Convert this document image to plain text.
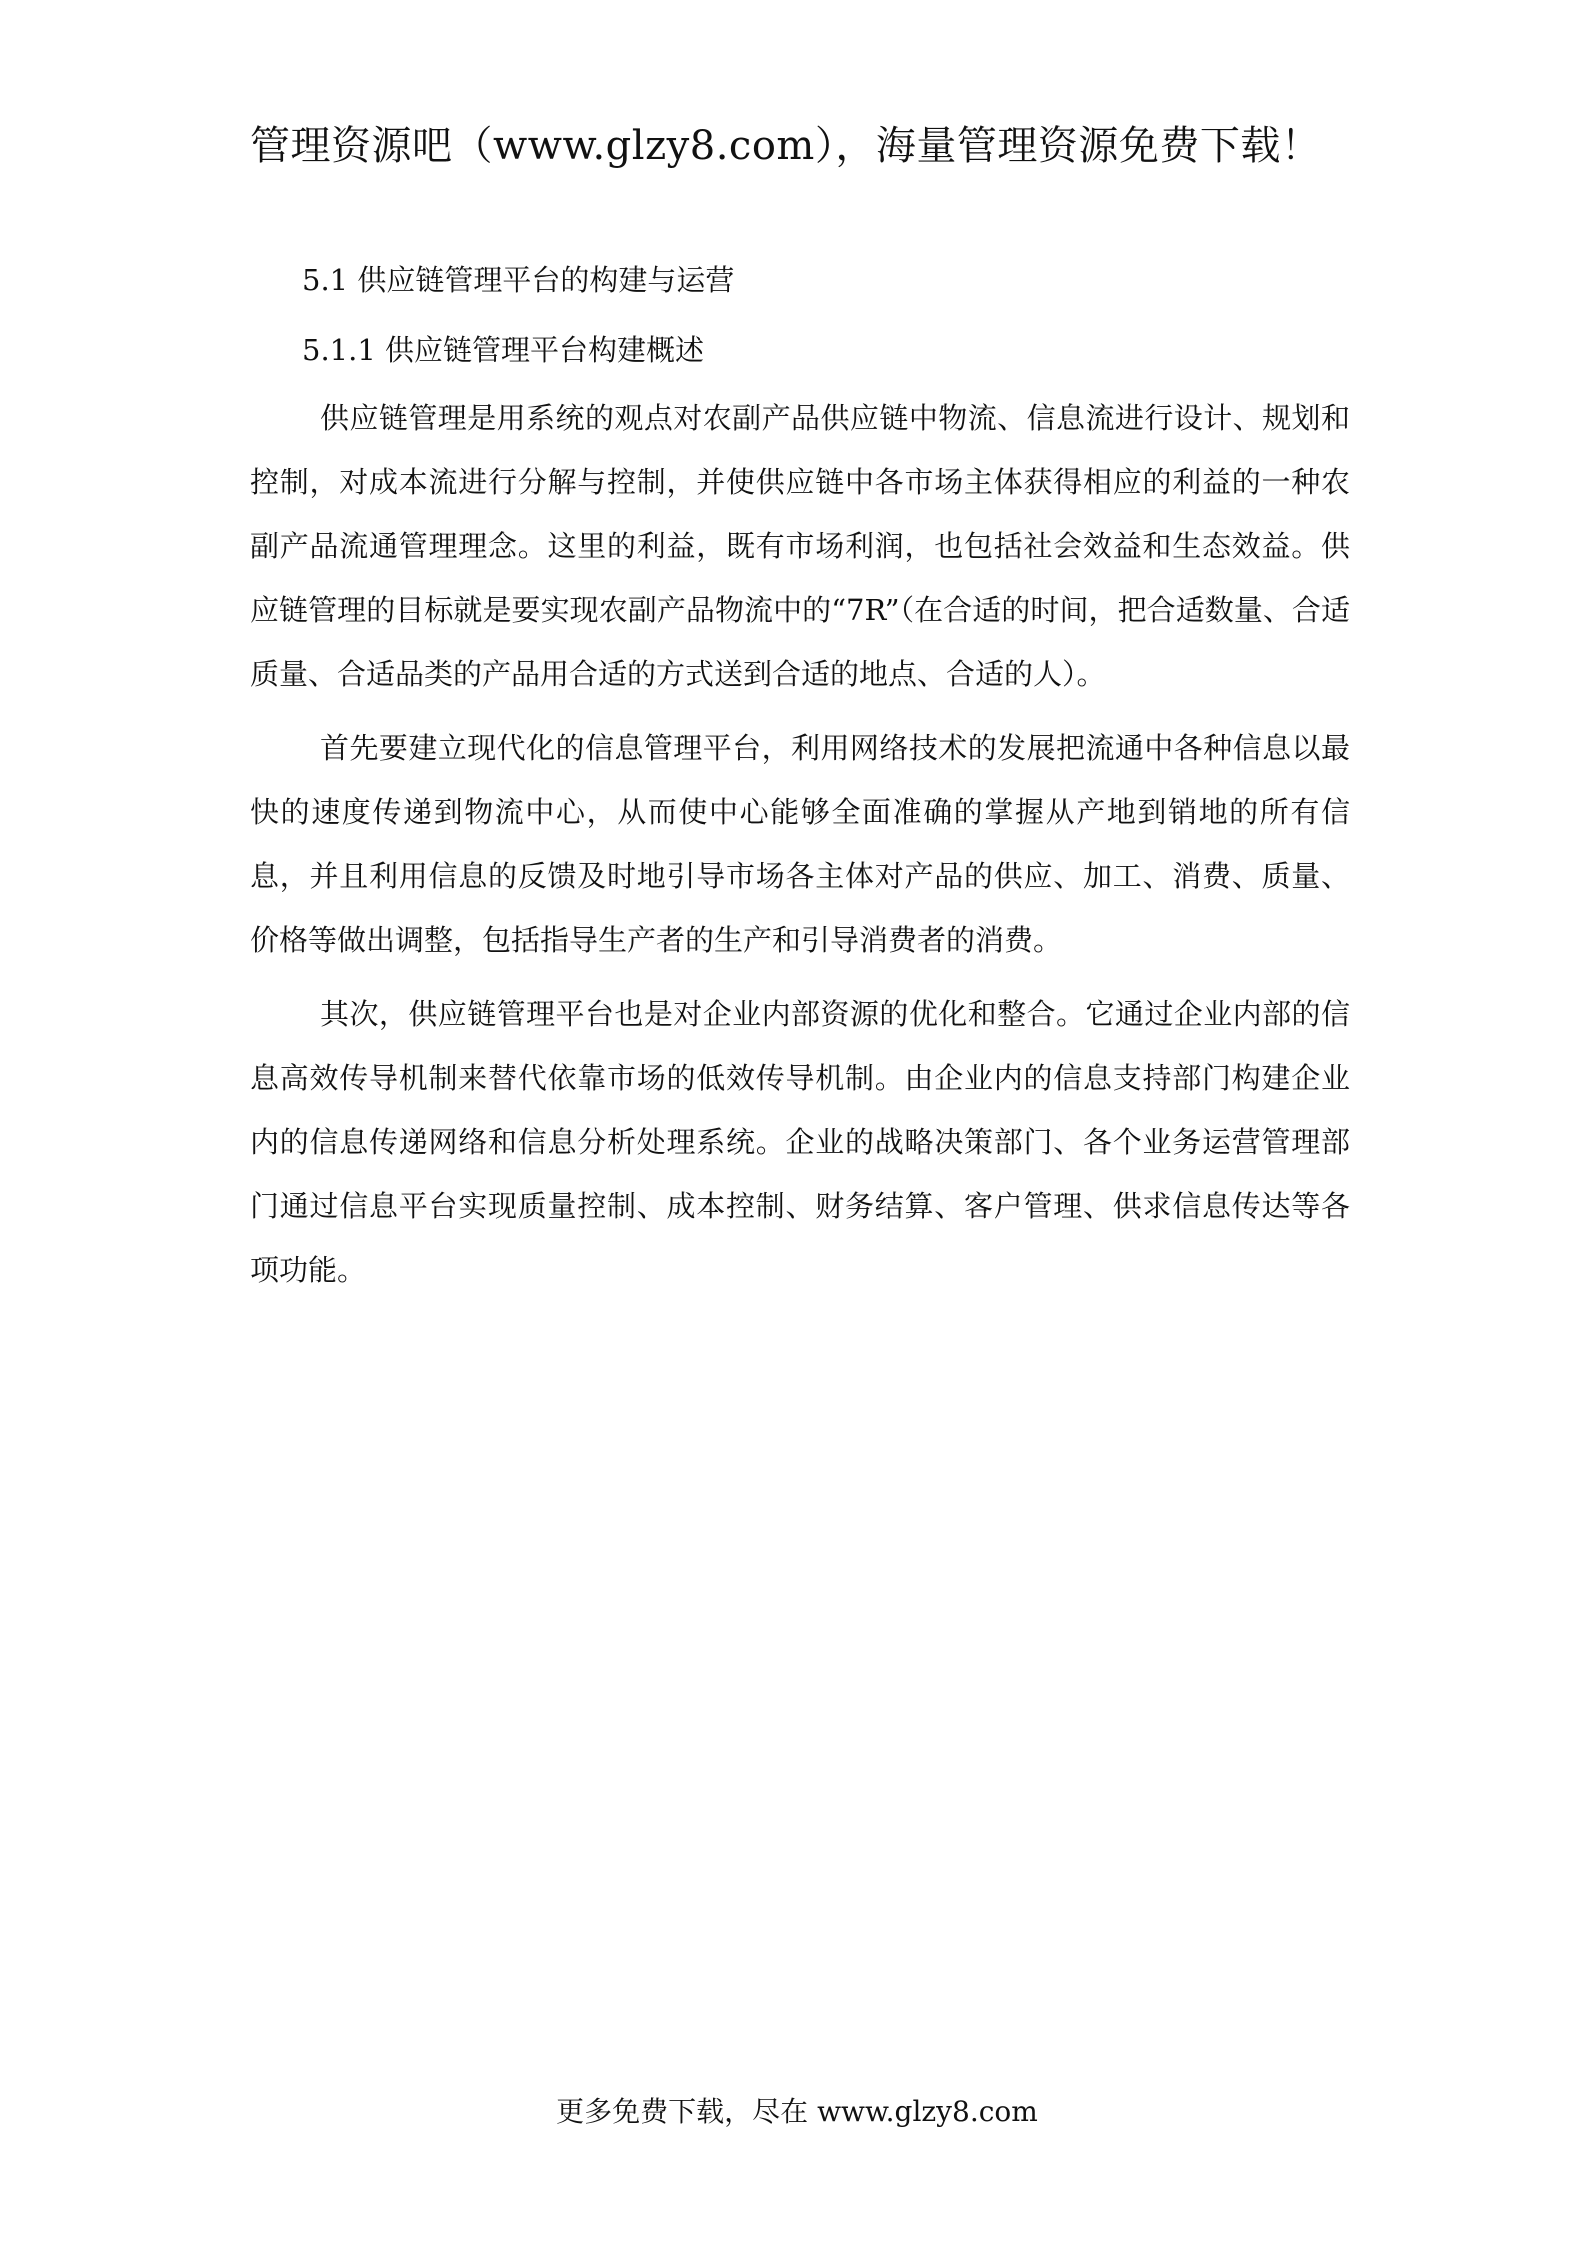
管理资源吧（www.glzy8.com），海量管理资源免费下载！
5.1 供应链管理平台的构建与运营
5.1.1 供应链管理平台构建概述

供应链管理是用系统的观点对农副产品供应链中物流、信息流进行设计、规划和控制，对成本流进行分解与控制，并使供应链中各市场主体获得相应的利益的一种农副产品流通管理理念。这里的利益，既有市场利润，也包括社会效益和生态效益。供应链管理的目标就是要实现农副产品物流中的“7R”（在合适的时间，把合适数量、合适质量、合适品类的产品用合适的方式送到合适的地点、合适的人）。

首先要建立现代化的信息管理平台，利用网络技术的发展把流通中各种信息以最快的速度传递到物流中心，从而使中心能够全面准确的掌握从产地到销地的所有信息，并且利用信息的反馈及时地引导市场各主体对产品的供应、加工、消费、质量、价格等做出调整，包括指导生产者的生产和引导消费者的消费。

其次，供应链管理平台也是对企业内部资源的优化和整合。它通过企业内部的信息高效传导机制来替代依靠市场的低效传导机制。由企业内的信息支持部门构建企业内的信息传递网络和信息分析处理系统。企业的战略决策部门、各个业务运营管理部门通过信息平台实现质量控制、成本控制、财务结算、客户管理、供求信息传达等各项功能。

更多免费下载，尽在 www.glzy8.com
